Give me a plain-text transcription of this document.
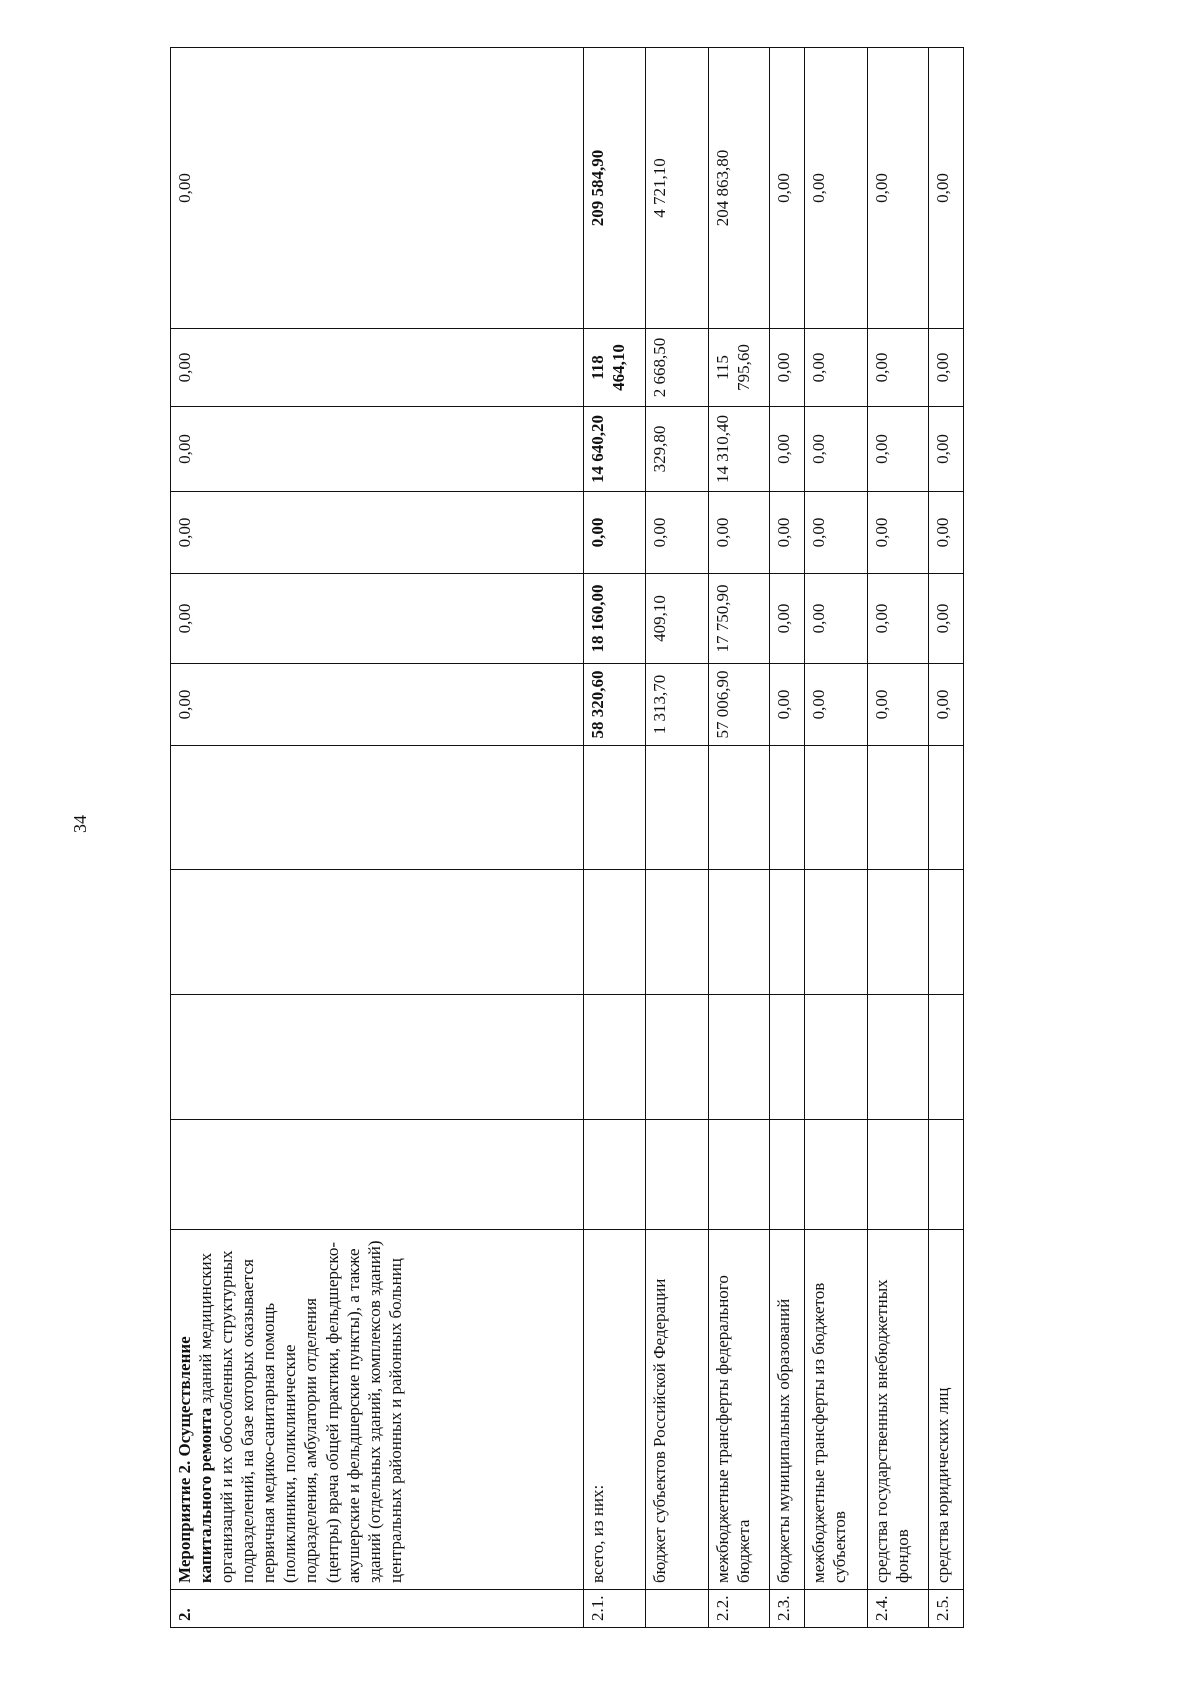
34
2.	Мероприятие 2. Осуществление капитального ремонта зданий медицинских организаций и их обособленных структурных подразделений, на базе которых оказывается первичная медико-санитарная помощь (поликлиники, поликлинические подразделения, амбулатории отделения (центры) врача общей практики, фельдшерско-акушерские и фельдшерские пункты), а также зданий (отдельных зданий, комплексов зданий) центральных районных и районных больниц					0,00	0,00	0,00	0,00	0,00	0,00
2.1.	всего, из них:					58 320,60	18 160,00	0,00	14 640,20	118 464,10	209 584,90
	бюджет субъектов Российской Федерации					1 313,70	409,10	0,00	329,80	2 668,50	4 721,10
2.2.	межбюджетные трансферты федерального бюджета					57 006,90	17 750,90	0,00	14 310,40	115 795,60	204 863,80
2.3.	бюджеты муниципальных образований					0,00	0,00	0,00	0,00	0,00	0,00
	межбюджетные трансферты из бюджетов субъектов					0,00	0,00	0,00	0,00	0,00	0,00
2.4.	средства государственных внебюджетных фондов					0,00	0,00	0,00	0,00	0,00	0,00
2.5.	средства юридических лиц					0,00	0,00	0,00	0,00	0,00	0,00
